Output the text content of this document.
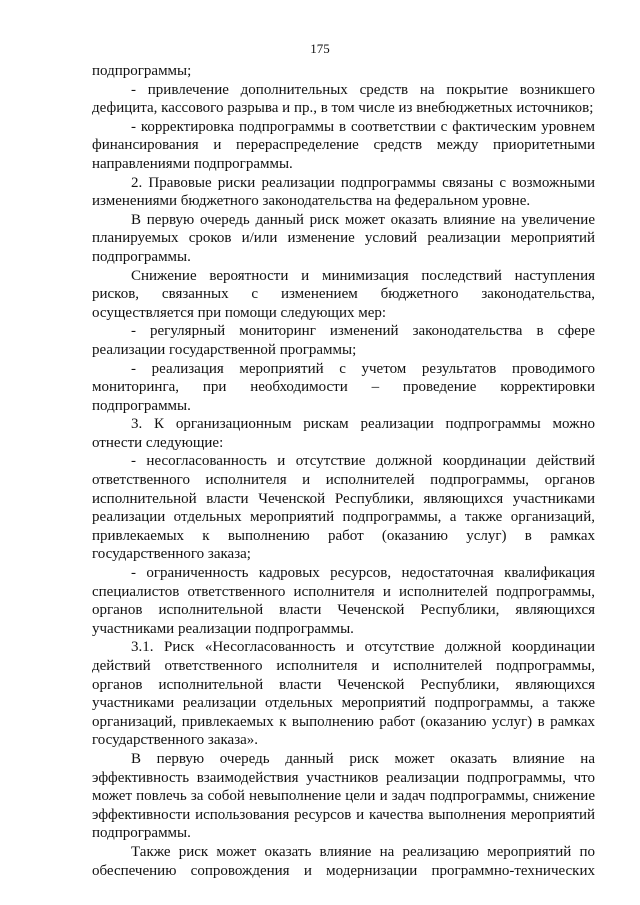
175

подпрограммы;

- привлечение дополнительных средств на покрытие возникшего дефицита, кассового разрыва и пр., в том числе из внебюджетных источников;

- корректировка подпрограммы в соответствии с фактическим уровнем финансирования и перераспределение средств между приоритетными направлениями подпрограммы.

2. Правовые риски реализации подпрограммы связаны с возможными изменениями бюджетного законодательства на федеральном уровне.

В первую очередь данный риск может оказать влияние на увеличение планируемых сроков и/или изменение условий реализации мероприятий подпрограммы.

Снижение вероятности и минимизация последствий наступления рисков, связанных с изменением бюджетного законодательства, осуществляется при помощи следующих мер:

- регулярный мониторинг изменений законодательства в сфере реализации государственной программы;

- реализация мероприятий с учетом результатов проводимого мониторинга, при необходимости – проведение корректировки подпрограммы.

3. К организационным рискам реализации подпрограммы можно отнести следующие:

- несогласованность и отсутствие должной координации действий ответственного исполнителя и исполнителей подпрограммы, органов исполнительной власти Чеченской Республики, являющихся участниками реализации отдельных мероприятий подпрограммы, а также организаций, привлекаемых к выполнению работ (оказанию услуг) в рамках государственного заказа;

- ограниченность кадровых ресурсов, недостаточная квалификация специалистов ответственного исполнителя и исполнителей подпрограммы, органов исполнительной власти Чеченской Республики, являющихся участниками реализации подпрограммы.

3.1. Риск «Несогласованность и отсутствие должной координации действий ответственного исполнителя и исполнителей подпрограммы, органов исполнительной власти Чеченской Республики, являющихся участниками реализации отдельных мероприятий подпрограммы, а также организаций, привлекаемых к выполнению работ (оказанию услуг) в рамках государственного заказа».

В первую очередь данный риск может оказать влияние на эффективность взаимодействия участников реализации подпрограммы, что может повлечь за собой невыполнение цели и задач подпрограммы, снижение эффективности использования ресурсов и качества выполнения мероприятий подпрограммы.

Также риск может оказать влияние на реализацию мероприятий по обеспечению сопровождения и модернизации программно-технических
